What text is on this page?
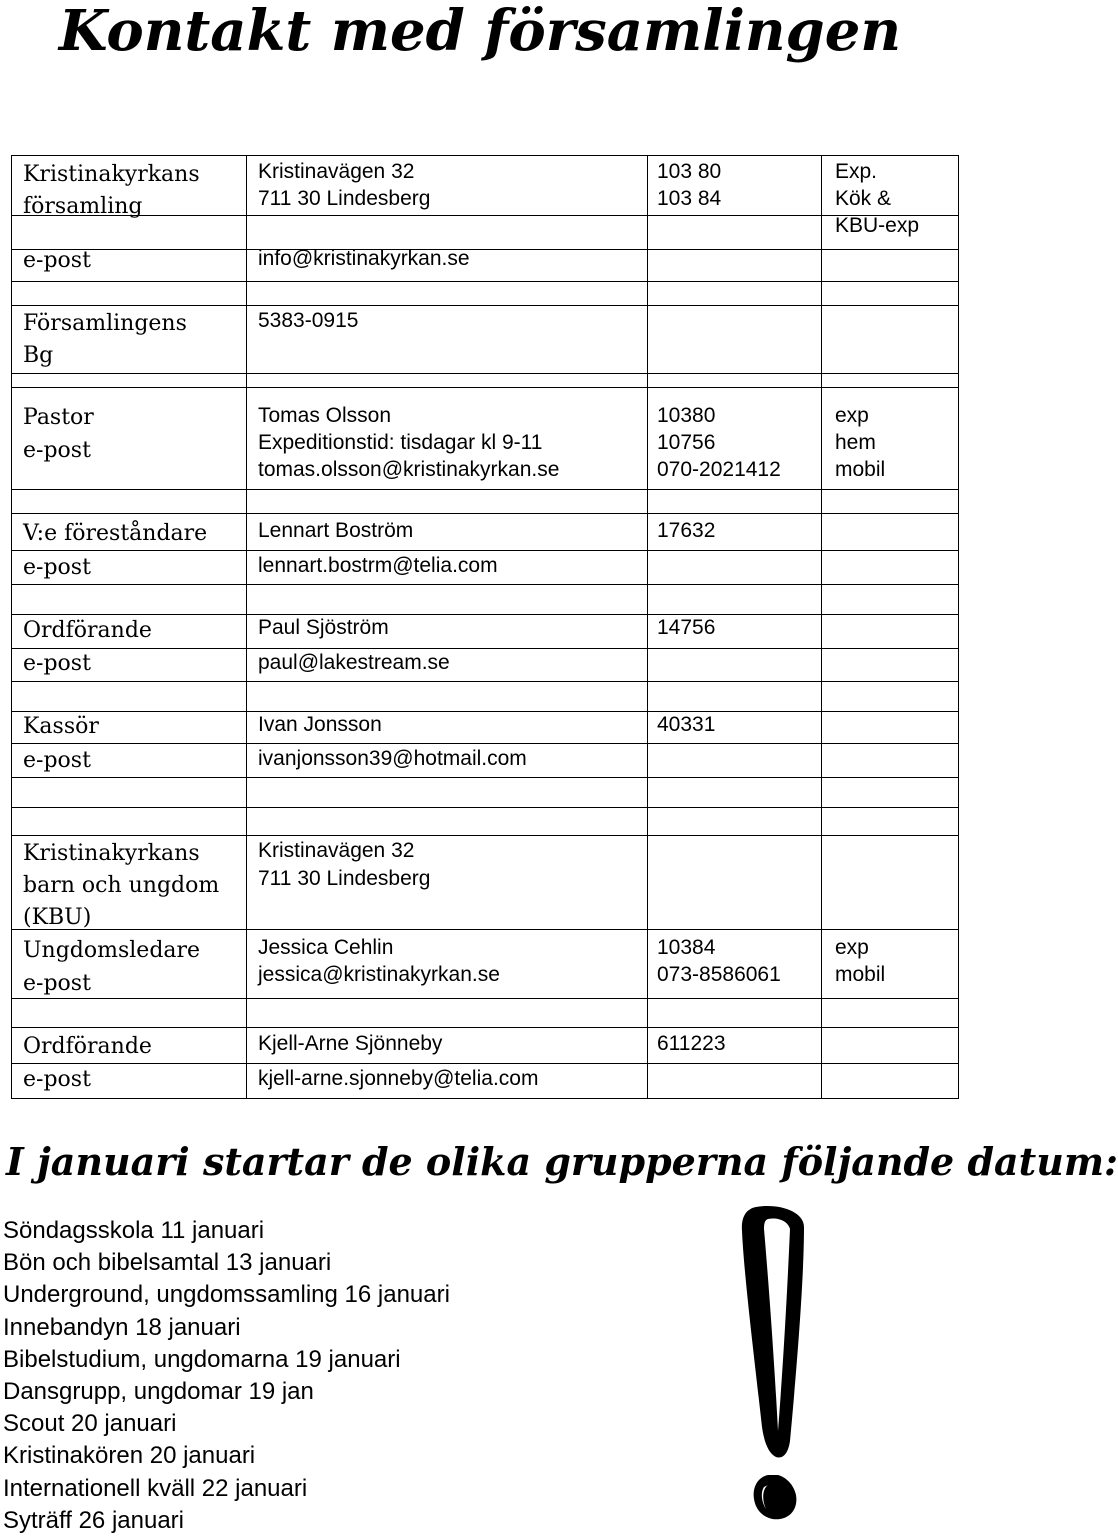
Kontakt med församlingen
Kristinakyrkans
församling
e-post
Kristinavägen 32
711 30 Lindesberg
info@kristinakyrkan.se
103 80
103 84
Exp.
Kök &
KBU-exp
Församlingens
Bg
5383-0915
Pastor
e-post
Tomas Olsson
Expeditionstid: tisdagar kl 9-11
tomas.olsson@kristinakyrkan.se
10380
10756
070-2021412
exp
hem
mobil
V:e föreståndare
e-post
Lennart Boström
lennart.bostrm@telia.com
17632
Ordförande
e-post
Paul Sjöström
paul@lakestream.se
14756
Kassör
e-post
Ivan Jonsson
ivanjonsson39@hotmail.com
40331
Kristinakyrkans
barn och ungdom
(KBU)
Ungdomsledare
e-post
Kristinavägen 32
711 30 Lindesberg
Jessica Cehlin
jessica@kristinakyrkan.se
10384
073-8586061
exp
mobil
Ordförande
e-post
Kjell-Arne Sjönneby
kjell-arne.sjonneby@telia.com
611223
I januari startar de olika grupperna följande datum:
Söndagsskola 11 januari
Bön och bibelsamtal 13 januari
Underground, ungdomssamling 16 januari
Innebandyn 18 januari
Bibelstudium, ungdomarna 19 januari
Dansgrupp, ungdomar 19 jan
Scout 20 januari
Kristinakören 20 januari
Internationell kväll 22 januari
Syträff 26 januari
